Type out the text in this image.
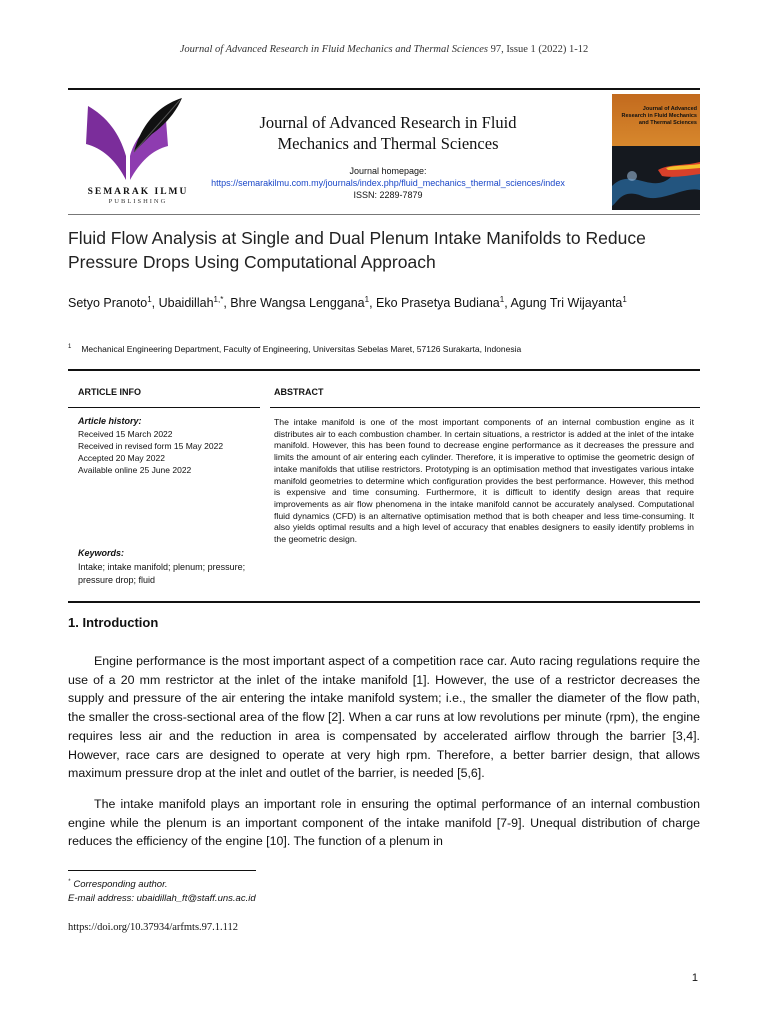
Journal of Advanced Research in Fluid Mechanics and Thermal Sciences 97, Issue 1 (2022) 1-12
SEMARAK ILMU
PUBLISHING
Journal of Advanced Research in Fluid
Mechanics and Thermal Sciences
Journal homepage:
https://semarakilmu.com.my/journals/index.php/fluid_mechanics_thermal_sciences/index
ISSN: 2289-7879
Journal of Advanced Research in Fluid Mechanics and Thermal Sciences
Fluid Flow Analysis at Single and Dual Plenum Intake Manifolds to Reduce Pressure Drops Using Computational Approach
Setyo Pranoto$^1$, Ubaidillah$^{1,*}$, Bhre Wangsa Lenggana$^1$, Eko Prasetya Budiana$^1$, Agung Tri Wijayanta$^1$
$^1$ Mechanical Engineering Department, Faculty of Engineering, Universitas Sebelas Maret, 57126 Surakarta, Indonesia
ARTICLE INFO	ABSTRACT
Article history:
Received 15 March 2022
Received in revised form 15 May 2022
Accepted 20 May 2022
Available online 25 June 2022
Keywords:
Intake; intake manifold; plenum; pressure; pressure drop; fluid
The intake manifold is one of the most important components of an internal combustion engine as it distributes air to each combustion chamber. In certain situations, a restrictor is added at the inlet of the intake manifold. However, this has been found to decrease engine performance as it decreases the pressure and limits the amount of air entering each cylinder. Therefore, it is imperative to optimise the geometric design of intake manifolds that utilise restrictors. Prototyping is an optimisation method that investigates various intake manifold geometries to determine which configuration provides the best performance. However, this method is expensive and time consuming. Furthermore, it is difficult to identify design areas that require improvements as air flow phenomena in the intake manifold cannot be accurately analysed. Computational fluid dynamics (CFD) is an alternative optimisation method that is both cheaper and less time-consuming. It also yields optimal results and a high level of accuracy that enables designers to easily identify problems in the geometric design.
1. Introduction
Engine performance is the most important aspect of a competition race car. Auto racing regulations require the use of a 20 mm restrictor at the inlet of the intake manifold [1]. However, the use of a restrictor decreases the supply and pressure of the air entering the intake manifold system; i.e., the smaller the diameter of the flow path, the smaller the cross-sectional area of the flow [2]. When a car runs at low revolutions per minute (rpm), the engine requires less air and the reduction in area is compensated by accelerated airflow through the barrier [3,4]. However, race cars are designed to operate at very high rpm. Therefore, a better barrier design, that allows maximum pressure drop at the inlet and outlet of the barrier, is needed [5,6].
The intake manifold plays an important role in ensuring the optimal performance of an internal combustion engine while the plenum is an important component of the intake manifold [7-9]. Unequal distribution of charge reduces the efficiency of the engine [10]. The function of a plenum in
* Corresponding author.
E-mail address: ubaidillah_ft@staff.uns.ac.id
https://doi.org/10.37934/arfmts.97.1.112
1
